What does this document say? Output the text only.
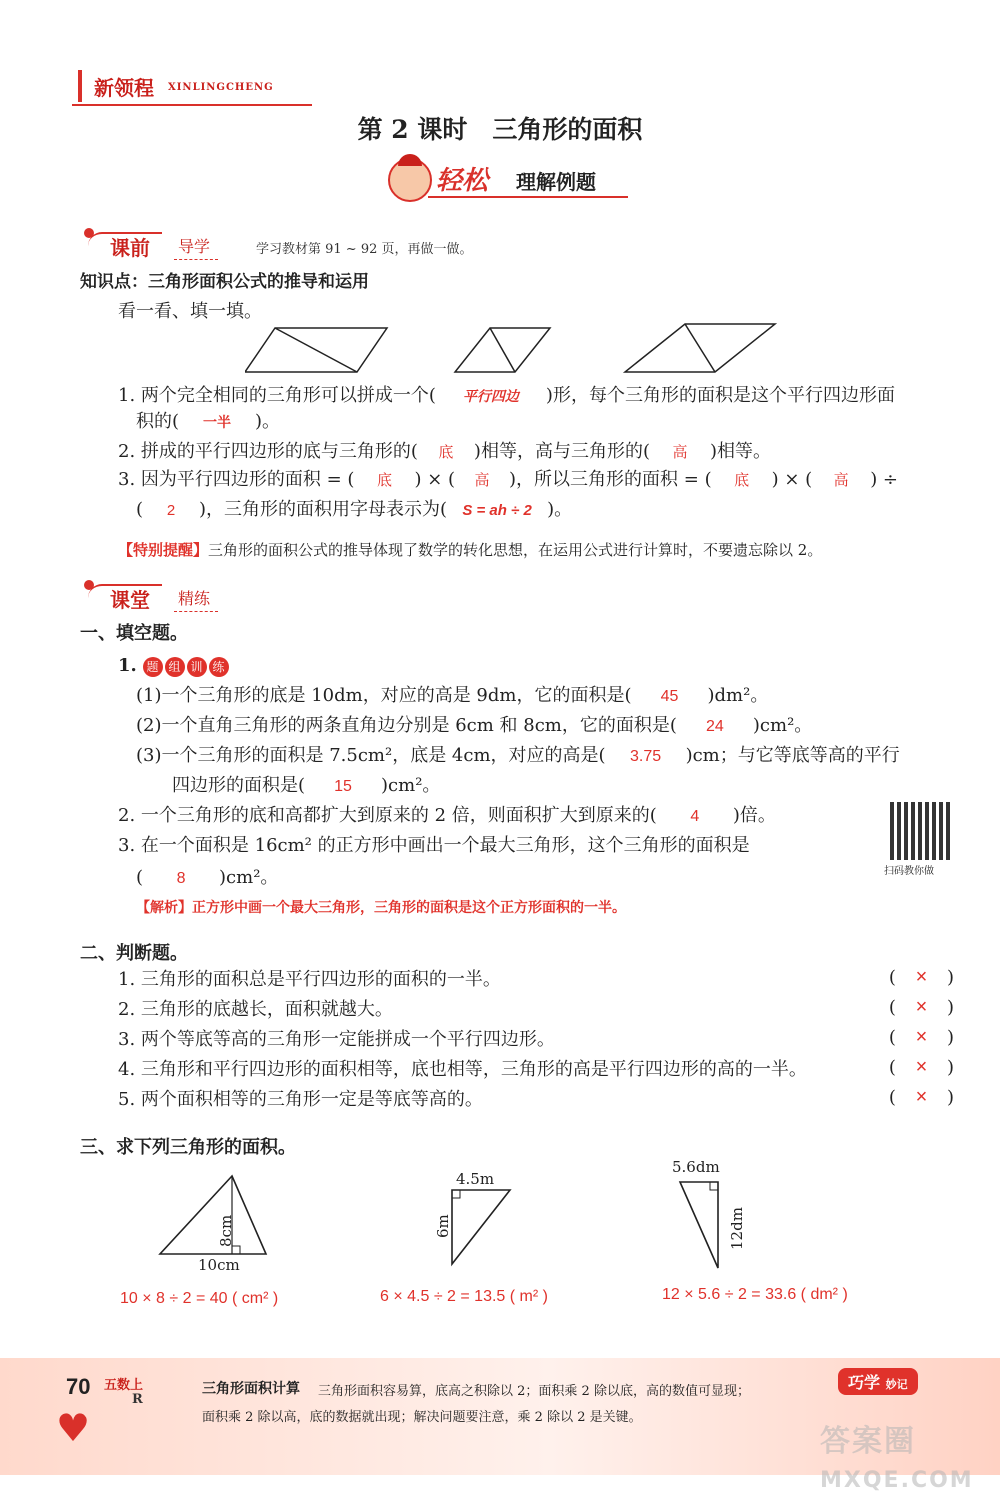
新领程 XINLINGCHENG
第 2 课时　三角形的面积
轻松 理解例题
课前	导学	学习教材第 91 ~ 92 页，再做一做。
知识点：三角形面积公式的推导和运用
看一看、填一填。
1. 两个完全相同的三角形可以拼成一个( 平行四边 )形，每个三角形的面积是这个平行四边形面
积的( 一半 )。
2. 拼成的平行四边形的底与三角形的( 底 )相等，高与三角形的( 高 )相等。
3. 因为平行四边形的面积 = ( 底 ) × ( 高 )，所以三角形的面积 = ( 底 ) × ( 高 ) ÷
( 2 )，三角形的面积用字母表示为( S = ah ÷ 2 )。
【特别提醒】三角形的面积公式的推导体现了数学的转化思想，在运用公式进行计算时，不要遗忘除以 2。
课堂	精练
一、填空题。
1. 题 组 训 练
(1)一个三角形的底是 10dm，对应的高是 9dm，它的面积是( 45 )dm²。
(2)一个直角三角形的两条直角边分别是 6cm 和 8cm，它的面积是( 24 )cm²。
(3)一个三角形的面积是 7.5cm²，底是 4cm，对应的高是( 3.75 )cm；与它等底等高的平行
四边形的面积是( 15 )cm²。
2. 一个三角形的底和高都扩大到原来的 2 倍，则面积扩大到原来的( 4 )倍。
3. 在一个面积是 16cm² 的正方形中画出一个最大三角形，这个三角形的面积是
( 8 )cm²。	扫码教你做
【解析】正方形中画一个最大三角形，三角形的面积是这个正方形面积的一半。
二、判断题。
1. 三角形的面积总是平行四边形的面积的一半。	( × )
2. 三角形的底越长，面积就越大。	( × )
3. 两个等底等高的三角形一定能拼成一个平行四边形。	( × )
4. 三角形和平行四边形的面积相等，底也相等，三角形的高是平行四边形的高的一半。	( × )
5. 两个面积相等的三角形一定是等底等高的。	( × )
三、求下列三角形的面积。
8cm
10cm
10 × 8 ÷ 2 = 40 ( cm² )
4.5m
6m
6 × 4.5 ÷ 2 = 13.5 ( m² )
5.6dm
12dm
12 × 5.6 ÷ 2 = 33.6 ( dm² )
70 五数上
R
♥
三角形面积计算 三角形面积容易算，底高之积除以 2；面积乘 2 除以底，高的数值可显现；
面积乘 2 除以高，底的数据就出现；解决问题要注意，乘 2 除以 2 是关键。
巧学 妙记
答案圈
MXQE.COM
